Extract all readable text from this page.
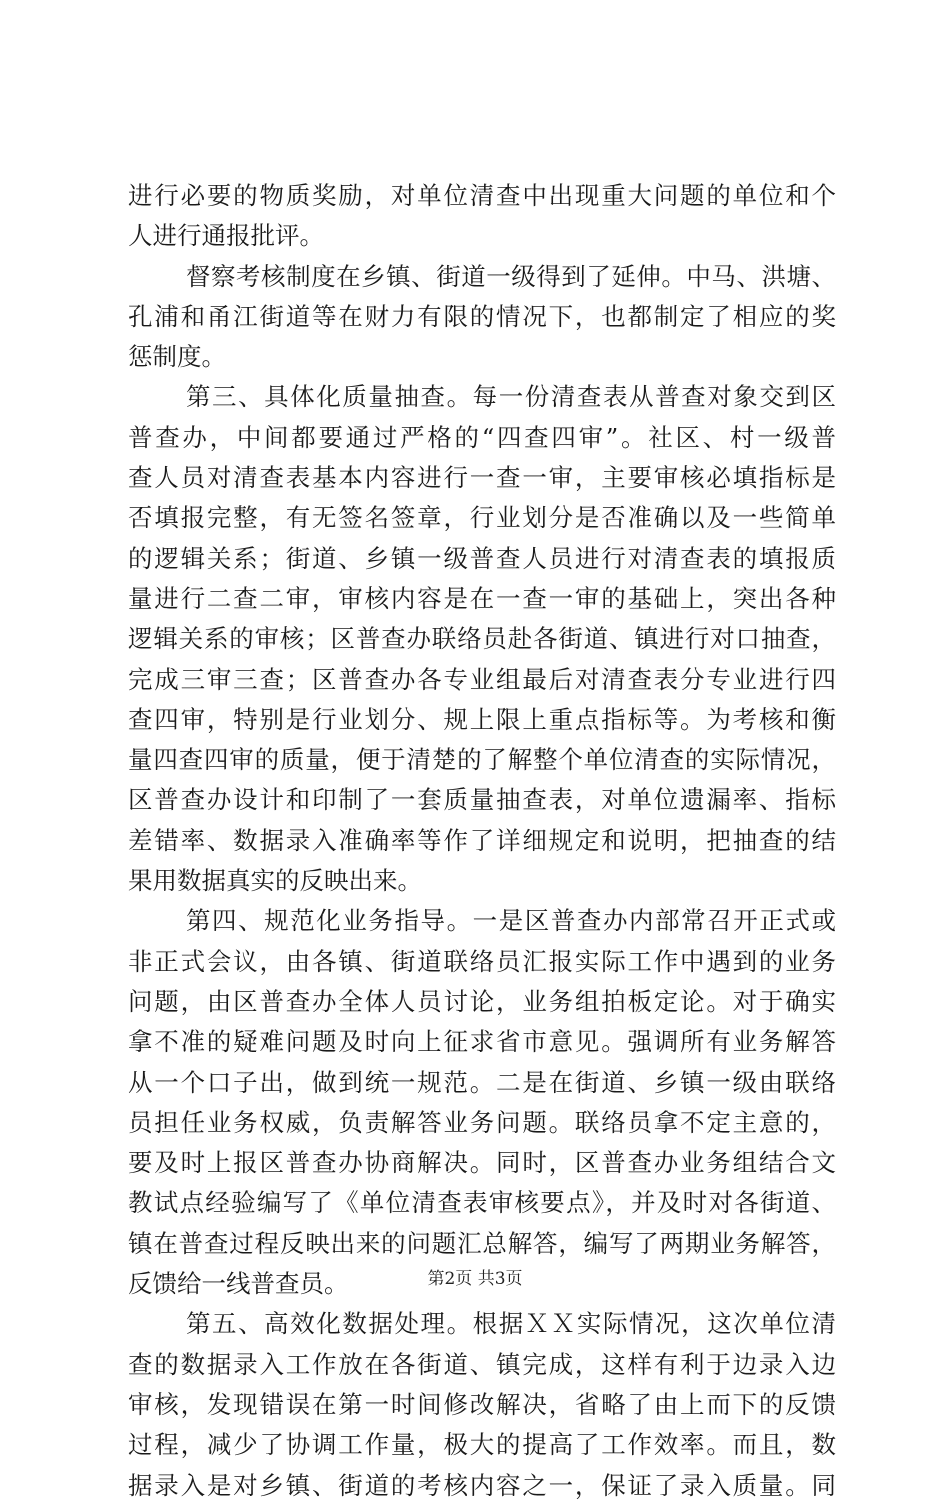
进行必要的物质奖励，对单位清查中出现重大问题的单位和个
人进行通报批评。
督察考核制度在乡镇、街道一级得到了延伸。中马、洪塘、
孔浦和甬江街道等在财力有限的情况下，也都制定了相应的奖
惩制度。
第三、具体化质量抽查。每一份清查表从普查对象交到区
普查办，中间都要通过严格的“四查四审”。社区、村一级普
查人员对清查表基本内容进行一查一审，主要审核必填指标是
否填报完整，有无签名签章，行业划分是否准确以及一些简单
的逻辑关系；街道、乡镇一级普查人员进行对清查表的填报质
量进行二查二审，审核内容是在一查一审的基础上，突出各种
逻辑关系的审核；区普查办联络员赴各街道、镇进行对口抽查，
完成三审三查；区普查办各专业组最后对清查表分专业进行四
查四审，特别是行业划分、规上限上重点指标等。为考核和衡
量四查四审的质量，便于清楚的了解整个单位清查的实际情况，
区普查办设计和印制了一套质量抽查表，对单位遗漏率、指标
差错率、数据录入准确率等作了详细规定和说明，把抽查的结
果用数据真实的反映出来。
第四、规范化业务指导。一是区普查办内部常召开正式或
非正式会议，由各镇、街道联络员汇报实际工作中遇到的业务
问题，由区普查办全体人员讨论，业务组拍板定论。对于确实
拿不准的疑难问题及时向上征求省市意见。强调所有业务解答
从一个口子出，做到统一规范。二是在街道、乡镇一级由联络
员担任业务权威，负责解答业务问题。联络员拿不定主意的，
要及时上报区普查办协商解决。同时，区普查办业务组结合文
教试点经验编写了《单位清查表审核要点》，并及时对各街道、
镇在普查过程反映出来的问题汇总解答，编写了两期业务解答，
反馈给一线普查员。
第五、高效化数据处理。根据ＸＸ实际情况，这次单位清
查的数据录入工作放在各街道、镇完成，这样有利于边录入边
审核，发现错误在第一时间修改解决，省略了由上而下的反馈
过程，减少了协调工作量，极大的提高了工作效率。而且，数
据录入是对乡镇、街道的考核内容之一，保证了录入质量。同
第2页 共3页
